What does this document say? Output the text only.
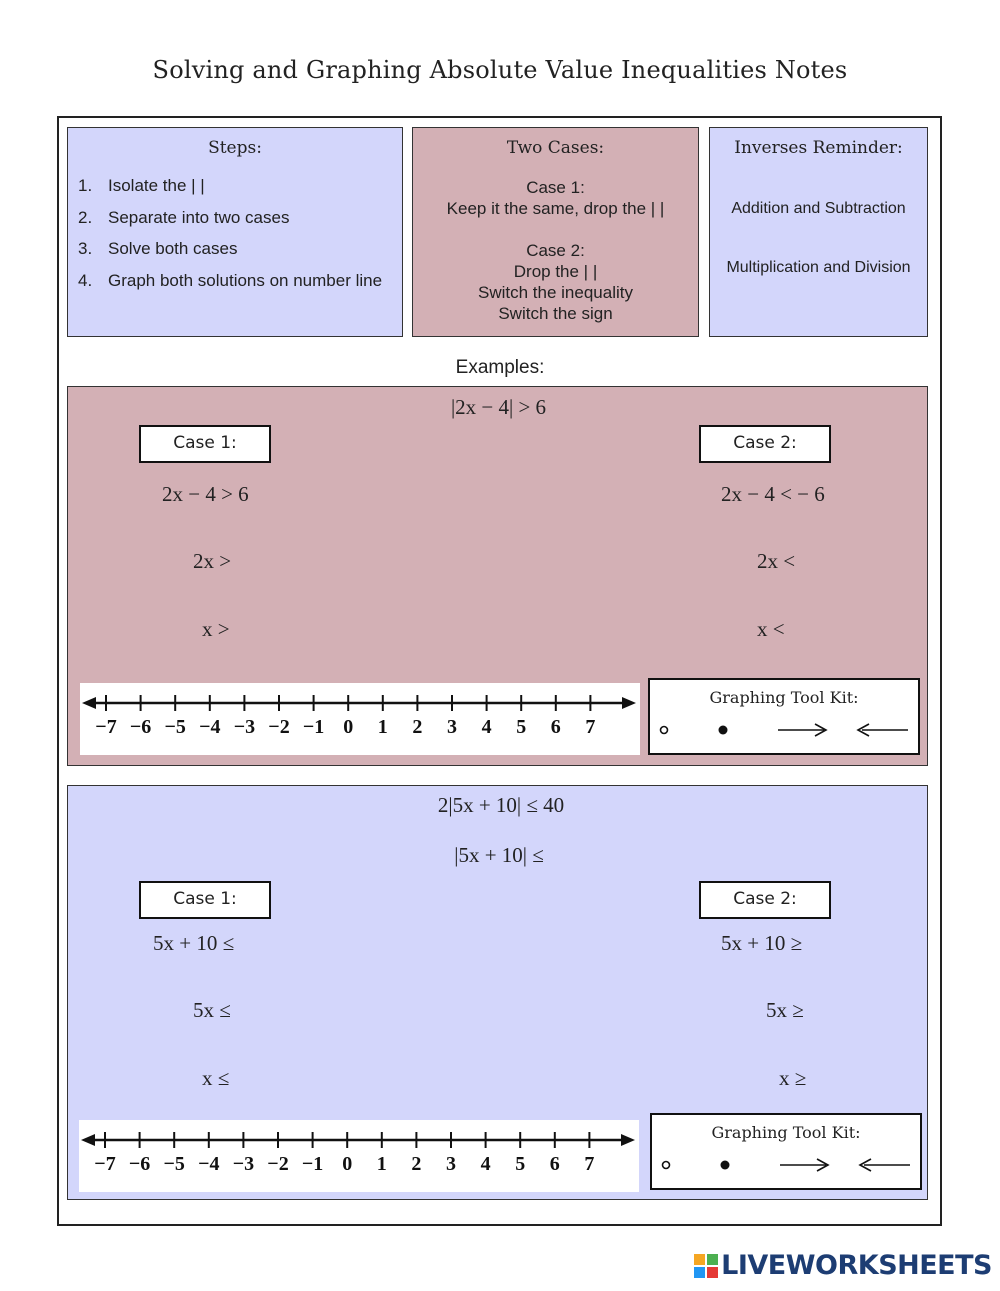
Solving and Graphing Absolute Value Inequalities Notes
Steps:
1. Isolate the | |
2. Separate into two cases
3. Solve both cases
4. Graph both solutions on number line
Two Cases:
Case 1:
Keep it the same, drop the | |
Case 2:
Drop the | |
Switch the inequality
Switch the sign
Inverses Reminder:
Addition and Subtraction
Multiplication and Division
Examples:
|2x − 4| > 6
Case 1:	Case 2:
2x − 4 > 6
2x >
x >
2x − 4 < − 6
2x <
x <
−7 −6 −5 −4 −3 −2 −1 0 1 2 3 4 5 6 7
Graphing Tool Kit:
2|5x + 10| ≤ 40
|5x + 10| ≤
Case 1:	Case 2:
5x + 10 ≤
5x ≤
x ≤
5x + 10 ≥
5x ≥
x ≥
−7 −6 −5 −4 −3 −2 −1 0 1 2 3 4 5 6 7
Graphing Tool Kit:
LIVEWORKSHEETS
